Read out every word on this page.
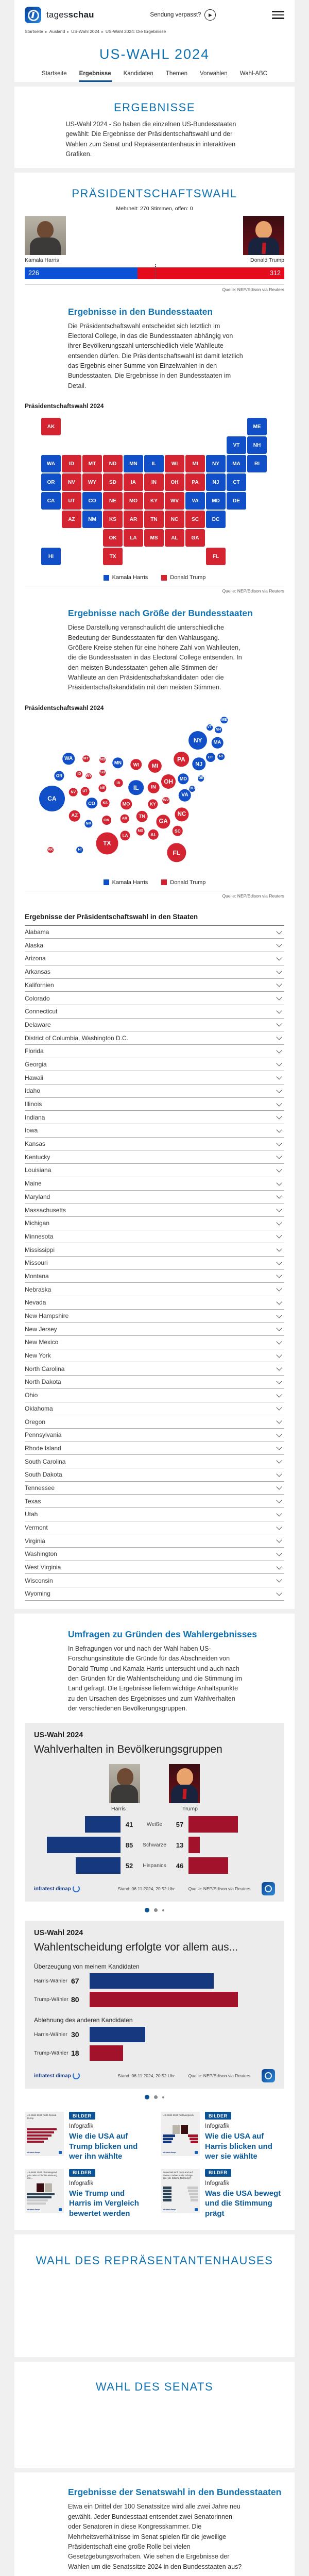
tagesschau	Sendung verpasst?	▶
Startseite ▸ Ausland ▸ US-Wahl 2024 ▸ US-Wahl 2024: Die Ergebnisse
US-WAHL 2024
Startseite Ergebnisse Kandidaten Themen Vorwahlen Wahl-ABC
ERGEBNISSE

US-Wahl 2024 - So haben die einzelnen US-Bundesstaaten gewählt: Die Ergebnisse der Präsidentschaftswahl und der Wahlen zum Senat und Repräsentantenhaus in interaktiven Grafiken.

PRÄSIDENTSCHAFTSWAHL
Mehrheit: 270 Stimmen, offen: 0
Kamala Harris	Donald Trump
226	312
Quelle: NEP/Edison via Reuters
Ergebnisse in den Bundesstaaten

Die Präsidentschaftswahl entscheidet sich letztlich im Electoral College, in das die Bundesstaaten abhängig von ihrer Bevölkerungszahl unterschiedlich viele Wahlleute entsenden dürfen. Die Präsidentschaftswahl ist damit letztlich das Ergebnis einer Summe von Einzelwahlen in den Bundesstaaten. Die Ergebnisse in den Bundesstaaten im Detail.

Präsidentschaftswahl 2024
AL
AK
AZ	AR
CA	CO
CT
DE
DC
FL
GA
HI
ID	IL
IN
IA
KS
KY
LA
ME
MD
MA
MI
MN
MS
MO
MT
NE
NV
NH
NJ
NM
NY
NC
ND
OH
OK
OR	PA
RI
SC
SD
TN
TX
UT
VT
VA
WA
WV
WI
WY
Kamala Harris	Donald Trump
Quelle: NEP/Edison via Reuters
Ergebnisse nach Größe der Bundesstaaten

Diese Darstellung veranschaulicht die unterschiedliche Bedeutung der Bundesstaaten für den Wahlausgang. Größere Kreise stehen für eine höhere Zahl von Wahlleuten, die die Bundesstaaten in das Electoral College entsenden. In den meisten Bundesstaaten gehen alle Stimmen der Wahlleute an den Präsidentschaftskandidaten oder die Präsidentschaftskandidatin mit den meisten Stimmen.

Präsidentschaftswahl 2024
AL
AK
AZ	AR
CA
CO
CT
DE
DC
FL
GA
HI
ID
IL	IN
IA
KS	KY
LA
ME
MD
MA
MI
MN
MS
MO
MT
NE
NV
NH
NJ
NM
NY
NC
ND
OH
OK
OR
PA	RI
SC
SD
TN
TX
UT
VT
VA
WA
WV
WI
WY
Kamala Harris	Donald Trump
Quelle: NEP/Edison via Reuters
Ergebnisse der Präsidentschaftswahl in den Staaten
Alabama
Alaska
Arizona
Arkansas
Kalifornien
Colorado
Connecticut
Delaware
District of Columbia, Washington D.C.
Florida
Georgia
Hawaii
Idaho
Illinois
Indiana
Iowa
Kansas
Kentucky
Louisiana
Maine
Maryland
Massachusetts
Michigan
Minnesota
Mississippi
Missouri
Montana
Nebraska
Nevada
New Hampshire
New Jersey
New Mexico
New York
North Carolina
North Dakota
Ohio
Oklahoma
Oregon
Pennsylvania
Rhode Island
South Carolina
South Dakota
Tennessee
Texas
Utah
Vermont
Virginia
Washington
West Virginia
Wisconsin
Wyoming
Umfragen zu Gründen des Wahlergebnisses

In Befragungen vor und nach der Wahl haben US-Forschungsinstitute die Gründe für das Abschneiden von Donald Trump und Kamala Harris untersucht und auch nach den Gründen für die Wahlentscheidung und die Stimmung im Land gefragt. Die Ergebnisse liefern wichtige Anhaltspunkte zu den Ursachen des Ergebnisses und zum Wahlverhalten der verschiedenen Bevölkerungsgruppen.

US-Wahl 2024
Wahlverhalten in Bevölkerungsgruppen
Harris	Trump
41	Weiße	57
85	Schwarze	13
52	Hispanics	46
infratest dimap	Stand: 06.11.2024, 20:52 Uhr	Quelle: NEP/Edison via Reuters
US-Wahl 2024
Wahlentscheidung erfolgte vor allem aus...
Überzeugung von meinem Kandidaten
Harris-Wähler 67
Trump-Wähler 80
Ablehnung des anderen Kandidaten
Harris-Wähler 30
Trump-Wähler 18
infratest dimap	Stand: 06.11.2024, 20:52 Uhr	Quelle: NEP/Edison via Reuters
US-Wahl 2024 Profil Donald Trump
infratest dimap
BILDER
Infografik
Wie die USA auf Trump blicken und wer ihn wählte
US-Wahl 2024 Profilvergleich
infratest dimap
BILDER
Infografik
Wie die USA auf Harris blicken und wer sie wählte
US-Wahl 2024 Überwiegend gute oder schlechte Meinung von...
infratest dimap
BILDER
Infografik
Wie Trump und Harris im Vergleich bewertet werden
Entwickelt sich das Land auf diesem Gebiet in die richtige oder die falsche Richtung?
infratest dimap
BILDER
Infografik
Was die USA bewegt und die Stimmung prägt
WAHL DES REPRÄSENTANTENHAUSES
WAHL DES SENATS
Ergebnisse der Senatswahl in den Bundesstaaten

Etwa ein Drittel der 100 Senatssitze wird alle zwei Jahre neu gewählt. Jeder Bundesstaat entsendet zwei Senatorinnen oder Senatoren in diese Kongresskammer. Die Mehrheitsverhältnisse im Senat spielen für die jeweilige Präsidentschaft eine große Rolle bei vielen Gesetzgebungsvorhaben. Wie sehen die Ergebnisse der Wahlen um die Senatssitze 2024 in den Bundesstaaten aus?
